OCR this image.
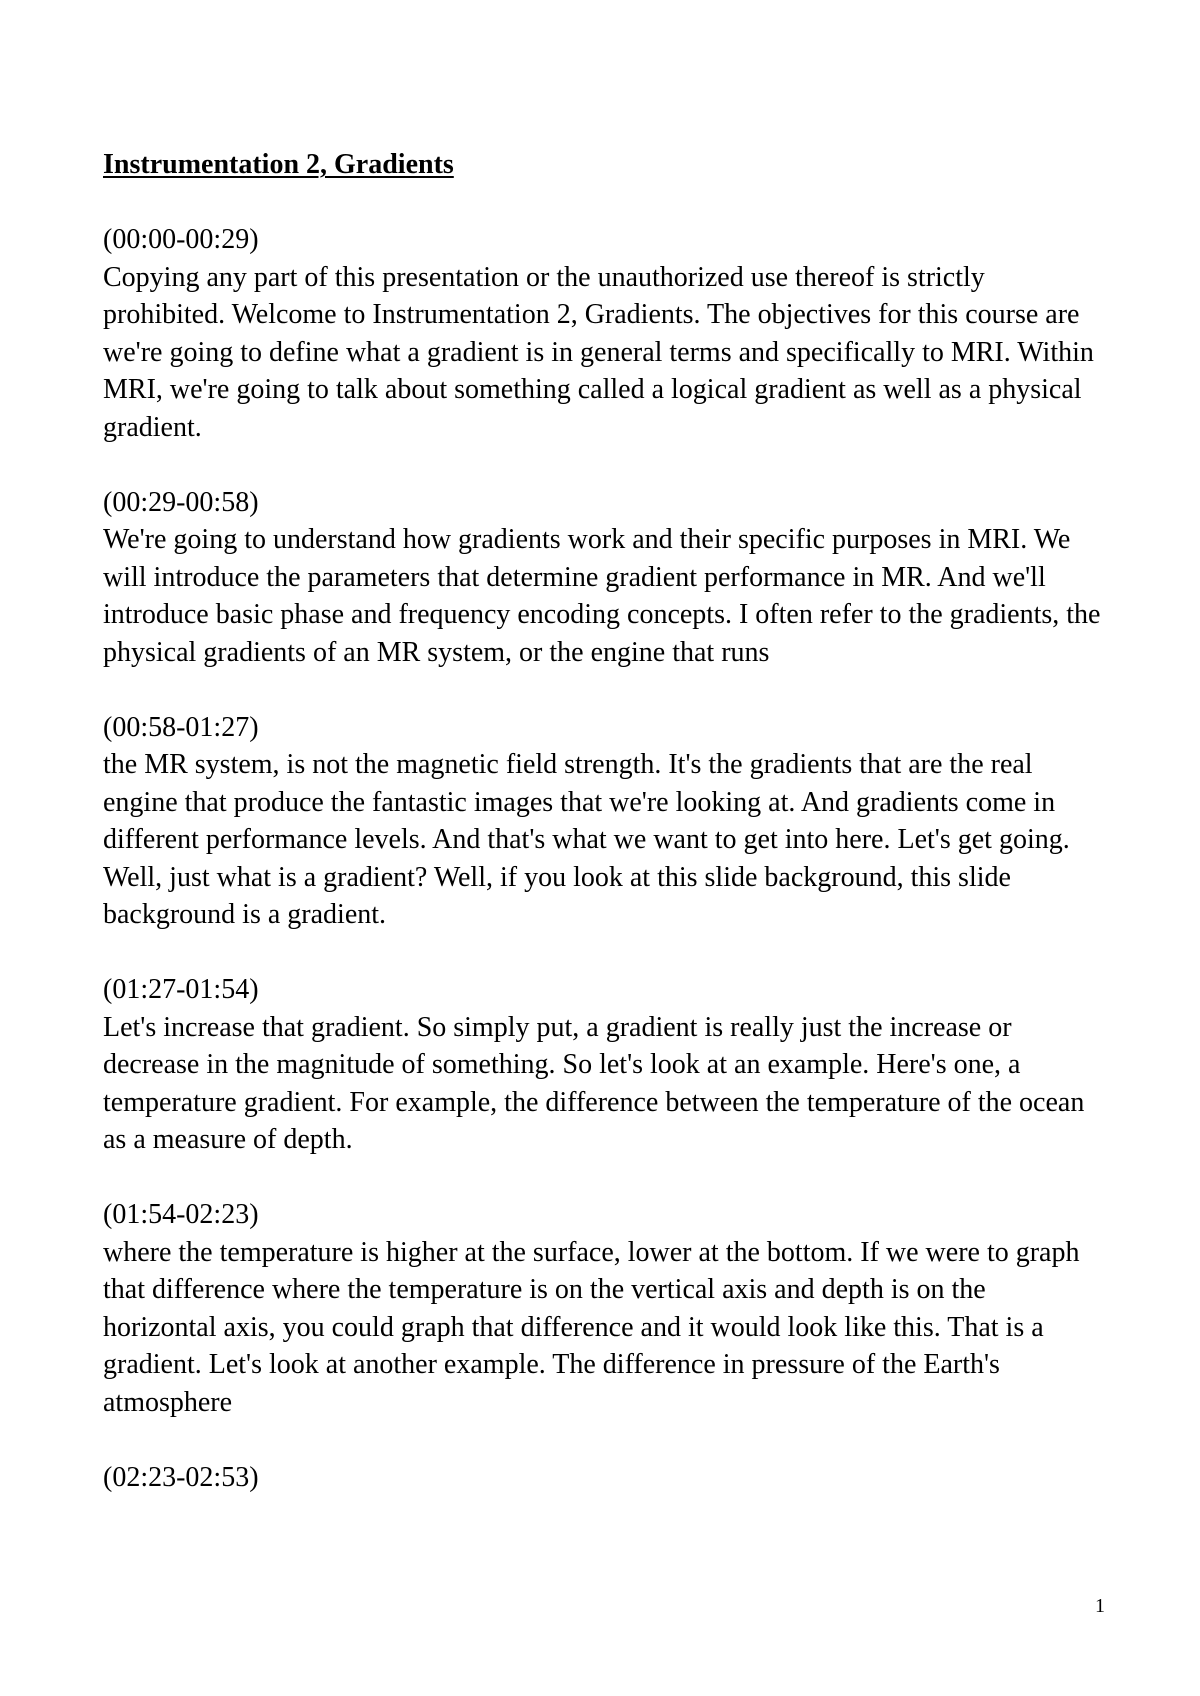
Instrumentation 2, Gradients
(00:00-00:29)

Copying any part of this presentation or the unauthorized use thereof is strictly prohibited. Welcome to Instrumentation 2, Gradients. The objectives for this course are we're going to define what a gradient is in general terms and specifically to MRI. Within MRI, we're going to talk about something called a logical gradient as well as a physical gradient.

(00:29-00:58)

We're going to understand how gradients work and their specific purposes in MRI. We will introduce the parameters that determine gradient performance in MR. And we'll introduce basic phase and frequency encoding concepts. I often refer to the gradients, the physical gradients of an MR system, or the engine that runs

(00:58-01:27)

the MR system, is not the magnetic field strength. It's the gradients that are the real engine that produce the fantastic images that we're looking at. And gradients come in different performance levels. And that's what we want to get into here. Let's get going. Well, just what is a gradient? Well, if you look at this slide background, this slide background is a gradient.

(01:27-01:54)

Let's increase that gradient. So simply put, a gradient is really just the increase or decrease in the magnitude of something. So let's look at an example. Here's one, a temperature gradient. For example, the difference between the temperature of the ocean as a measure of depth.

(01:54-02:23)

where the temperature is higher at the surface, lower at the bottom. If we were to graph that difference where the temperature is on the vertical axis and depth is on the horizontal axis, you could graph that difference and it would look like this. That is a gradient. Let's look at another example. The difference in pressure of the Earth's atmosphere

(02:23-02:53)

1
